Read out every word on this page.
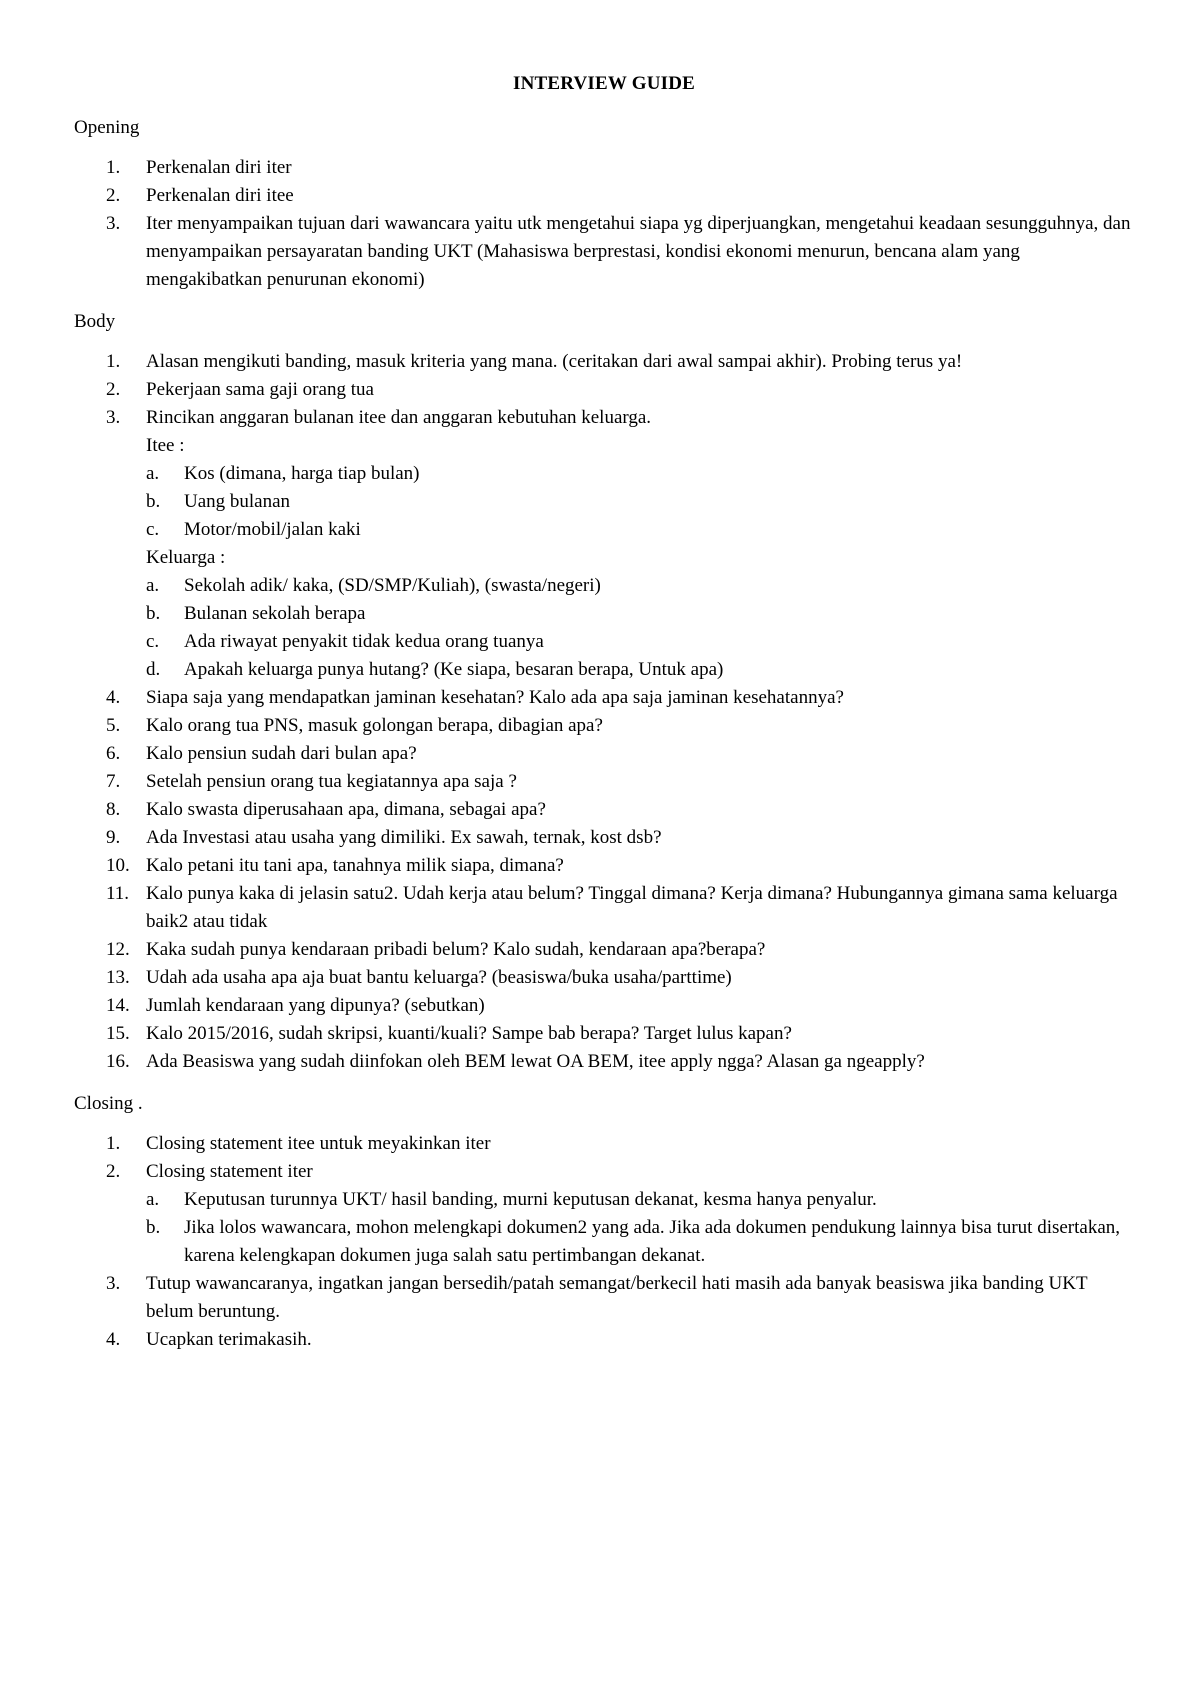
INTERVIEW GUIDE
Opening
1. Perkenalan diri iter
2. Perkenalan diri itee
3. Iter menyampaikan tujuan dari wawancara yaitu utk mengetahui siapa yg diperjuangkan, mengetahui keadaan sesungguhnya, dan menyampaikan persayaratan banding UKT (Mahasiswa berprestasi, kondisi ekonomi menurun, bencana alam yang mengakibatkan penurunan ekonomi)
Body
1. Alasan mengikuti banding, masuk kriteria yang mana. (ceritakan dari awal sampai akhir). Probing terus ya!
2. Pekerjaan sama gaji orang tua
3. Rincikan anggaran bulanan itee dan anggaran kebutuhan keluarga.
Itee :
a. Kos (dimana, harga tiap bulan)
b. Uang bulanan
c. Motor/mobil/jalan kaki
Keluarga :
a. Sekolah adik/ kaka, (SD/SMP/Kuliah), (swasta/negeri)
b. Bulanan sekolah berapa
c. Ada riwayat penyakit tidak kedua orang tuanya
d. Apakah keluarga punya hutang? (Ke siapa, besaran berapa, Untuk apa)
4. Siapa saja yang mendapatkan jaminan kesehatan? Kalo ada apa saja jaminan kesehatannya?
5. Kalo orang tua PNS, masuk golongan berapa, dibagian apa?
6. Kalo pensiun sudah dari bulan apa?
7. Setelah pensiun orang tua kegiatannya apa saja ?
8. Kalo swasta diperusahaan apa, dimana, sebagai apa?
9. Ada Investasi atau usaha yang dimiliki. Ex sawah, ternak, kost dsb?
10. Kalo petani itu tani apa, tanahnya milik siapa, dimana?
11. Kalo punya kaka di jelasin satu2. Udah kerja atau belum? Tinggal dimana? Kerja dimana? Hubungannya gimana sama keluarga baik2 atau tidak
12. Kaka sudah punya kendaraan pribadi belum? Kalo sudah, kendaraan apa?berapa?
13. Udah ada usaha apa aja buat bantu keluarga? (beasiswa/buka usaha/parttime)
14. Jumlah kendaraan yang dipunya? (sebutkan)
15. Kalo 2015/2016, sudah skripsi, kuanti/kuali? Sampe bab berapa? Target lulus kapan?
16. Ada Beasiswa yang sudah diinfokan oleh BEM lewat OA BEM, itee apply ngga? Alasan ga ngeapply?
Closing .
1. Closing statement itee untuk meyakinkan iter
2. Closing statement iter
a. Keputusan turunnya UKT/ hasil banding, murni keputusan dekanat, kesma hanya penyalur.
b. Jika lolos wawancara, mohon melengkapi dokumen2 yang ada. Jika ada dokumen pendukung lainnya bisa turut disertakan, karena kelengkapan dokumen juga salah satu pertimbangan dekanat.
3. Tutup wawancaranya, ingatkan jangan bersedih/patah semangat/berkecil hati masih ada banyak beasiswa jika banding UKT belum beruntung.
4. Ucapkan terimakasih.
